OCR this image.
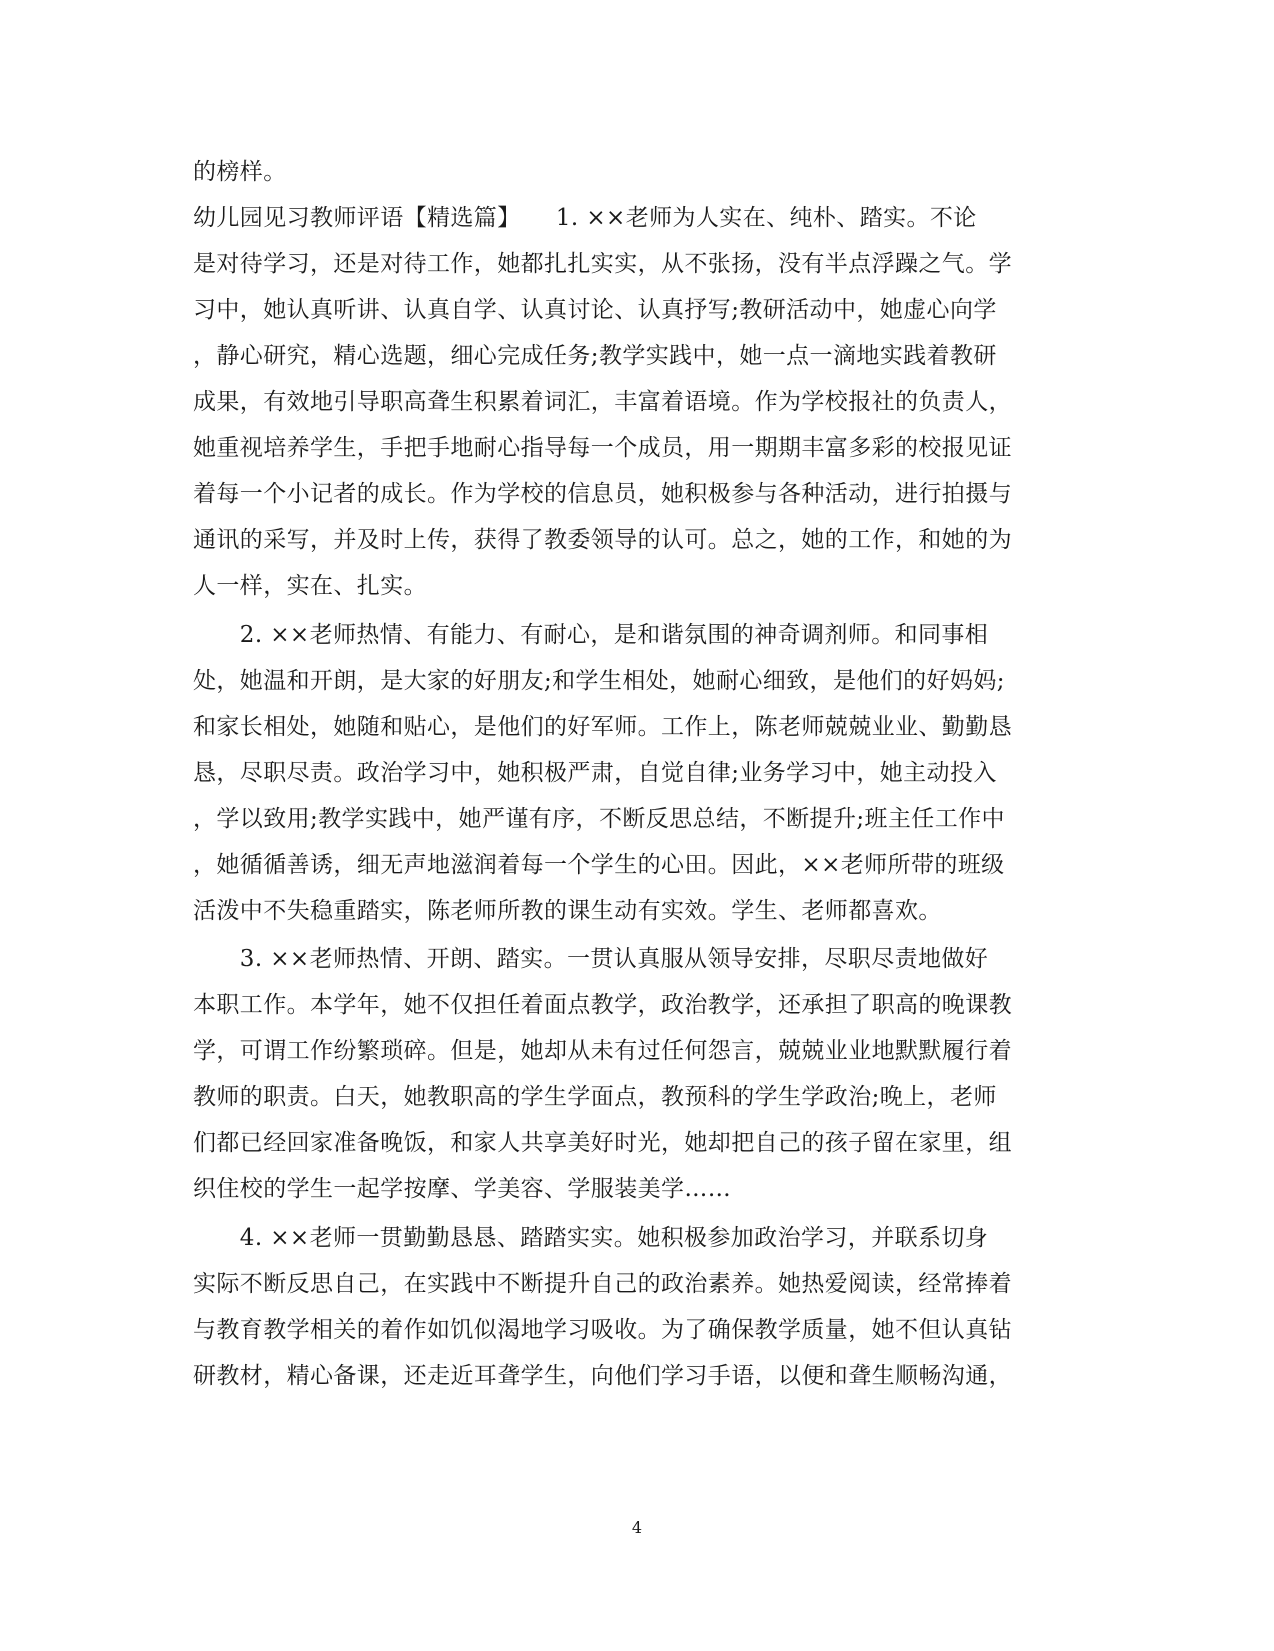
的榜样。
幼儿园见习教师评语【精选篇】　　1. ××老师为人实在、纯朴、踏实。不论
是对待学习，还是对待工作，她都扎扎实实，从不张扬，没有半点浮躁之气。学
习中，她认真听讲、认真自学、认真讨论、认真抒写;教研活动中，她虚心向学
，静心研究，精心选题，细心完成任务;教学实践中，她一点一滴地实践着教研
成果，有效地引导职高聋生积累着词汇，丰富着语境。作为学校报社的负责人，
她重视培养学生，手把手地耐心指导每一个成员，用一期期丰富多彩的校报见证
着每一个小记者的成长。作为学校的信息员，她积极参与各种活动，进行拍摄与
通讯的采写，并及时上传，获得了教委领导的认可。总之，她的工作，和她的为
人一样，实在、扎实。
　　2. ××老师热情、有能力、有耐心，是和谐氛围的神奇调剂师。和同事相
处，她温和开朗，是大家的好朋友;和学生相处，她耐心细致，是他们的好妈妈;
和家长相处，她随和贴心，是他们的好军师。工作上，陈老师兢兢业业、勤勤恳
恳，尽职尽责。政治学习中，她积极严肃，自觉自律;业务学习中，她主动投入
，学以致用;教学实践中，她严谨有序，不断反思总结，不断提升;班主任工作中
，她循循善诱，细无声地滋润着每一个学生的心田。因此，××老师所带的班级
活泼中不失稳重踏实，陈老师所教的课生动有实效。学生、老师都喜欢。
　　3. ××老师热情、开朗、踏实。一贯认真服从领导安排，尽职尽责地做好
本职工作。本学年，她不仅担任着面点教学，政治教学，还承担了职高的晚课教
学，可谓工作纷繁琐碎。但是，她却从未有过任何怨言，兢兢业业地默默履行着
教师的职责。白天，她教职高的学生学面点，教预科的学生学政治;晚上，老师
们都已经回家准备晚饭，和家人共享美好时光，她却把自己的孩子留在家里，组
织住校的学生一起学按摩、学美容、学服装美学……
　　4. ××老师一贯勤勤恳恳、踏踏实实。她积极参加政治学习，并联系切身
实际不断反思自己，在实践中不断提升自己的政治素养。她热爱阅读，经常捧着
与教育教学相关的着作如饥似渴地学习吸收。为了确保教学质量，她不但认真钻
研教材，精心备课，还走近耳聋学生，向他们学习手语，以便和聋生顺畅沟通，
4
